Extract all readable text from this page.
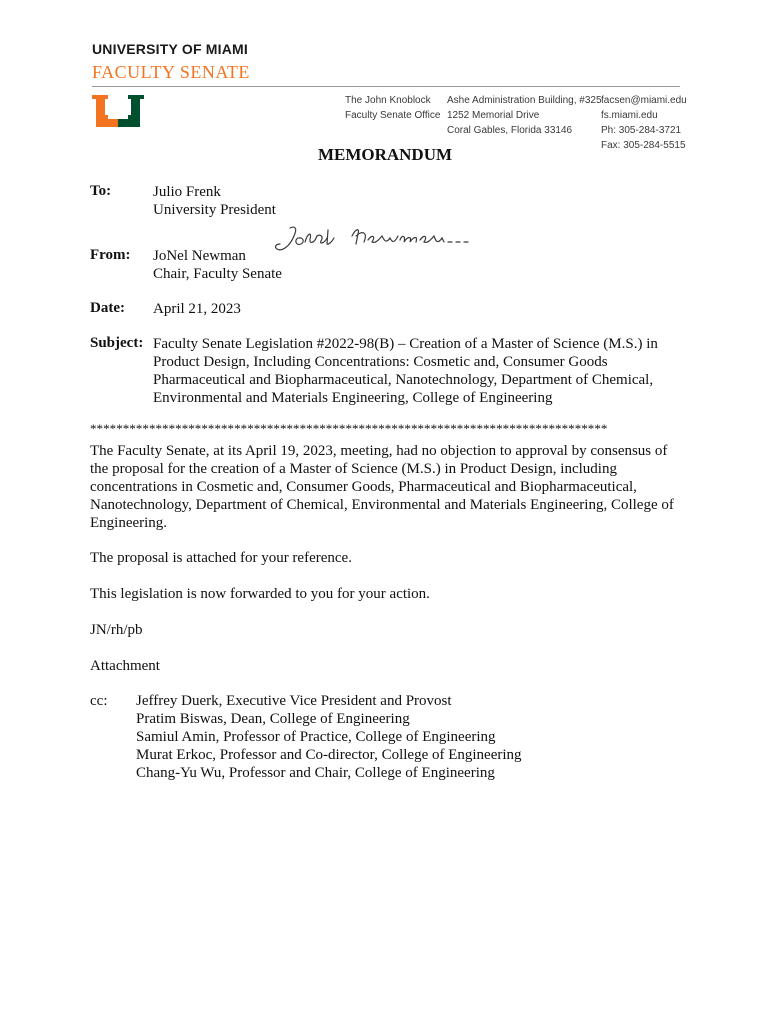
UNIVERSITY OF MIAMI
FACULTY SENATE
The John Knoblock
Faculty Senate Office
Ashe Administration Building, #325
1252 Memorial Drive
Coral Gables, Florida 33146
facsen@miami.edu
fs.miami.edu
Ph: 305-284-3721
Fax: 305-284-5515
MEMORANDUM
To:	Julio Frenk
University President
From: JoNel Newman
Chair, Faculty Senate
Date: April 21, 2023
Subject: Faculty Senate Legislation #2022-98(B) – Creation of a Master of Science (M.S.) in
Product Design, Including Concentrations: Cosmetic and, Consumer Goods
Pharmaceutical and Biopharmaceutical, Nanotechnology, Department of Chemical,
Environmental and Materials Engineering, College of Engineering
*******************************************************************************
The Faculty Senate, at its April 19, 2023, meeting, had no objection to approval by consensus of
the proposal for the creation of a Master of Science (M.S.) in Product Design, including
concentrations in Cosmetic and, Consumer Goods, Pharmaceutical and Biopharmaceutical,
Nanotechnology, Department of Chemical, Environmental and Materials Engineering, College of
Engineering.
The proposal is attached for your reference.
This legislation is now forwarded to you for your action.
JN/rh/pb
Attachment
cc: Jeffrey Duerk, Executive Vice President and Provost
Pratim Biswas, Dean, College of Engineering
Samiul Amin, Professor of Practice, College of Engineering
Murat Erkoc, Professor and Co-director, College of Engineering
Chang-Yu Wu, Professor and Chair, College of Engineering
